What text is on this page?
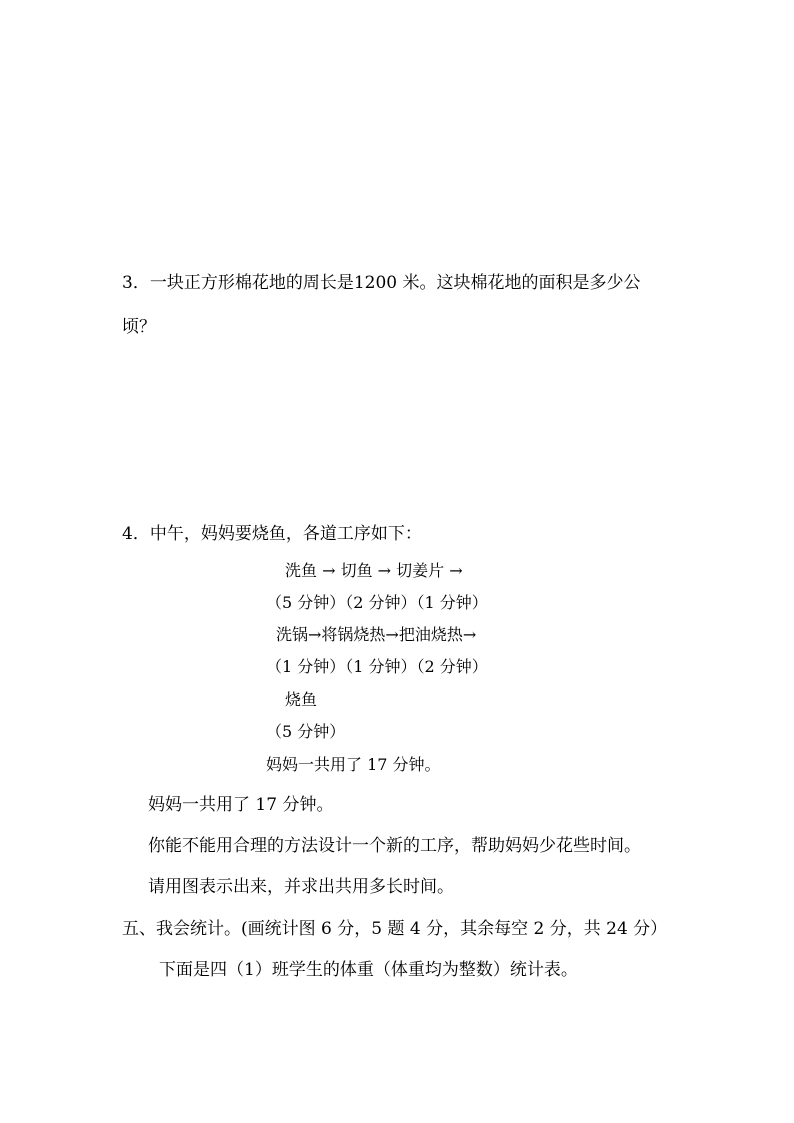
3．一块正方形棉花地的周长是1200 米。这块棉花地的面积是多少公
顷？
4．中午，妈妈要烧鱼，各道工序如下：
洗鱼 → 切鱼 → 切姜片 →
（5 分钟）（2 分钟）（1 分钟）
洗锅→将锅烧热→把油烧热→
（1 分钟）（1 分钟）（2 分钟）
烧鱼
（5 分钟）
妈妈一共用了 17 分钟。
妈妈一共用了 17 分钟。
你能不能用合理的方法设计一个新的工序，帮助妈妈少花些时间。
请用图表示出来，并求出共用多长时间。
五、我会统计。(画统计图 6 分，5 题 4 分，其余每空 2 分，共 24 分）
下面是四（1）班学生的体重（体重均为整数）统计表。
